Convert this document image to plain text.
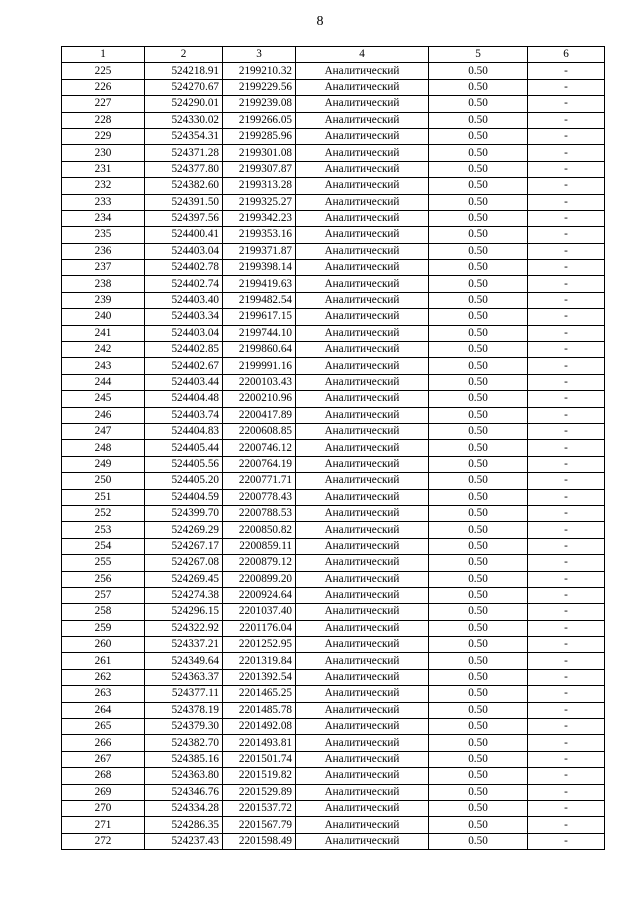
8
1	2	3	4	5	6
225	524218.91	2199210.32	Аналитический	0.50	-
226	524270.67	2199229.56	Аналитический	0.50	-
227	524290.01	2199239.08	Аналитический	0.50	-
228	524330.02	2199266.05	Аналитический	0.50	-
229	524354.31	2199285.96	Аналитический	0.50	-
230	524371.28	2199301.08	Аналитический	0.50	-
231	524377.80	2199307.87	Аналитический	0.50	-
232	524382.60	2199313.28	Аналитический	0.50	-
233	524391.50	2199325.27	Аналитический	0.50	-
234	524397.56	2199342.23	Аналитический	0.50	-
235	524400.41	2199353.16	Аналитический	0.50	-
236	524403.04	2199371.87	Аналитический	0.50	-
237	524402.78	2199398.14	Аналитический	0.50	-
238	524402.74	2199419.63	Аналитический	0.50	-
239	524403.40	2199482.54	Аналитический	0.50	-
240	524403.34	2199617.15	Аналитический	0.50	-
241	524403.04	2199744.10	Аналитический	0.50	-
242	524402.85	2199860.64	Аналитический	0.50	-
243	524402.67	2199991.16	Аналитический	0.50	-
244	524403.44	2200103.43	Аналитический	0.50	-
245	524404.48	2200210.96	Аналитический	0.50	-
246	524403.74	2200417.89	Аналитический	0.50	-
247	524404.83	2200608.85	Аналитический	0.50	-
248	524405.44	2200746.12	Аналитический	0.50	-
249	524405.56	2200764.19	Аналитический	0.50	-
250	524405.20	2200771.71	Аналитический	0.50	-
251	524404.59	2200778.43	Аналитический	0.50	-
252	524399.70	2200788.53	Аналитический	0.50	-
253	524269.29	2200850.82	Аналитический	0.50	-
254	524267.17	2200859.11	Аналитический	0.50	-
255	524267.08	2200879.12	Аналитический	0.50	-
256	524269.45	2200899.20	Аналитический	0.50	-
257	524274.38	2200924.64	Аналитический	0.50	-
258	524296.15	2201037.40	Аналитический	0.50	-
259	524322.92	2201176.04	Аналитический	0.50	-
260	524337.21	2201252.95	Аналитический	0.50	-
261	524349.64	2201319.84	Аналитический	0.50	-
262	524363.37	2201392.54	Аналитический	0.50	-
263	524377.11	2201465.25	Аналитический	0.50	-
264	524378.19	2201485.78	Аналитический	0.50	-
265	524379.30	2201492.08	Аналитический	0.50	-
266	524382.70	2201493.81	Аналитический	0.50	-
267	524385.16	2201501.74	Аналитический	0.50	-
268	524363.80	2201519.82	Аналитический	0.50	-
269	524346.76	2201529.89	Аналитический	0.50	-
270	524334.28	2201537.72	Аналитический	0.50	-
271	524286.35	2201567.79	Аналитический	0.50	-
272	524237.43	2201598.49	Аналитический	0.50	-
